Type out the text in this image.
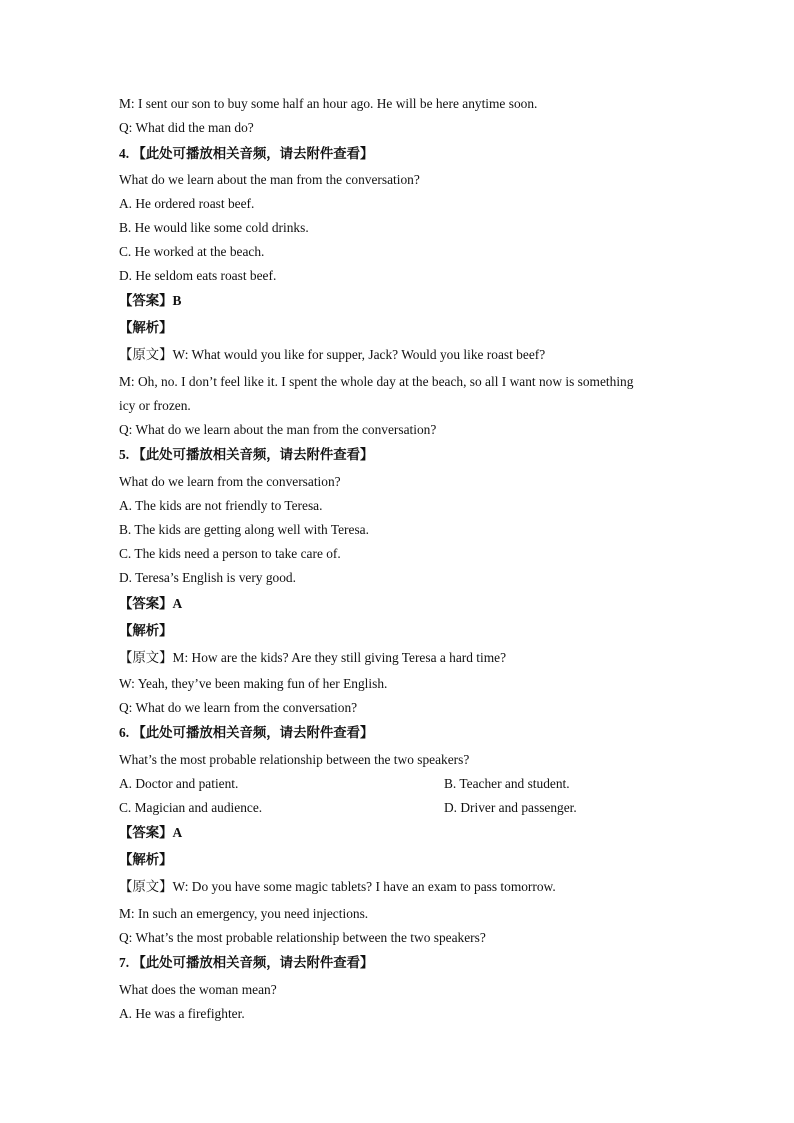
M: I sent our son to buy some half an hour ago. He will be here anytime soon.
Q: What did the man do?
4. 【此处可播放相关音频，请去附件查看】
What do we learn about the man from the conversation?
A. He ordered roast beef.
B. He would like some cold drinks.
C. He worked at the beach.
D. He seldom eats roast beef.
【答案】B
【解析】
【原文】W: What would you like for supper, Jack? Would you like roast beef?
M: Oh, no. I don’t feel like it. I spent the whole day at the beach, so all I want now is something
icy or frozen.
Q: What do we learn about the man from the conversation?
5. 【此处可播放相关音频，请去附件查看】
What do we learn from the conversation?
A. The kids are not friendly to Teresa.
B. The kids are getting along well with Teresa.
C. The kids need a person to take care of.
D. Teresa’s English is very good.
【答案】A
【解析】
【原文】M: How are the kids? Are they still giving Teresa a hard time?
W: Yeah, they’ve been making fun of her English.
Q: What do we learn from the conversation?
6. 【此处可播放相关音频，请去附件查看】
What’s the most probable relationship between the two speakers?
A. Doctor and patient.	B. Teacher and student.
C. Magician and audience.	D. Driver and passenger.
【答案】A
【解析】
【原文】W: Do you have some magic tablets? I have an exam to pass tomorrow.
M: In such an emergency, you need injections.
Q: What’s the most probable relationship between the two speakers?
7. 【此处可播放相关音频，请去附件查看】
What does the woman mean?
A. He was a firefighter.
